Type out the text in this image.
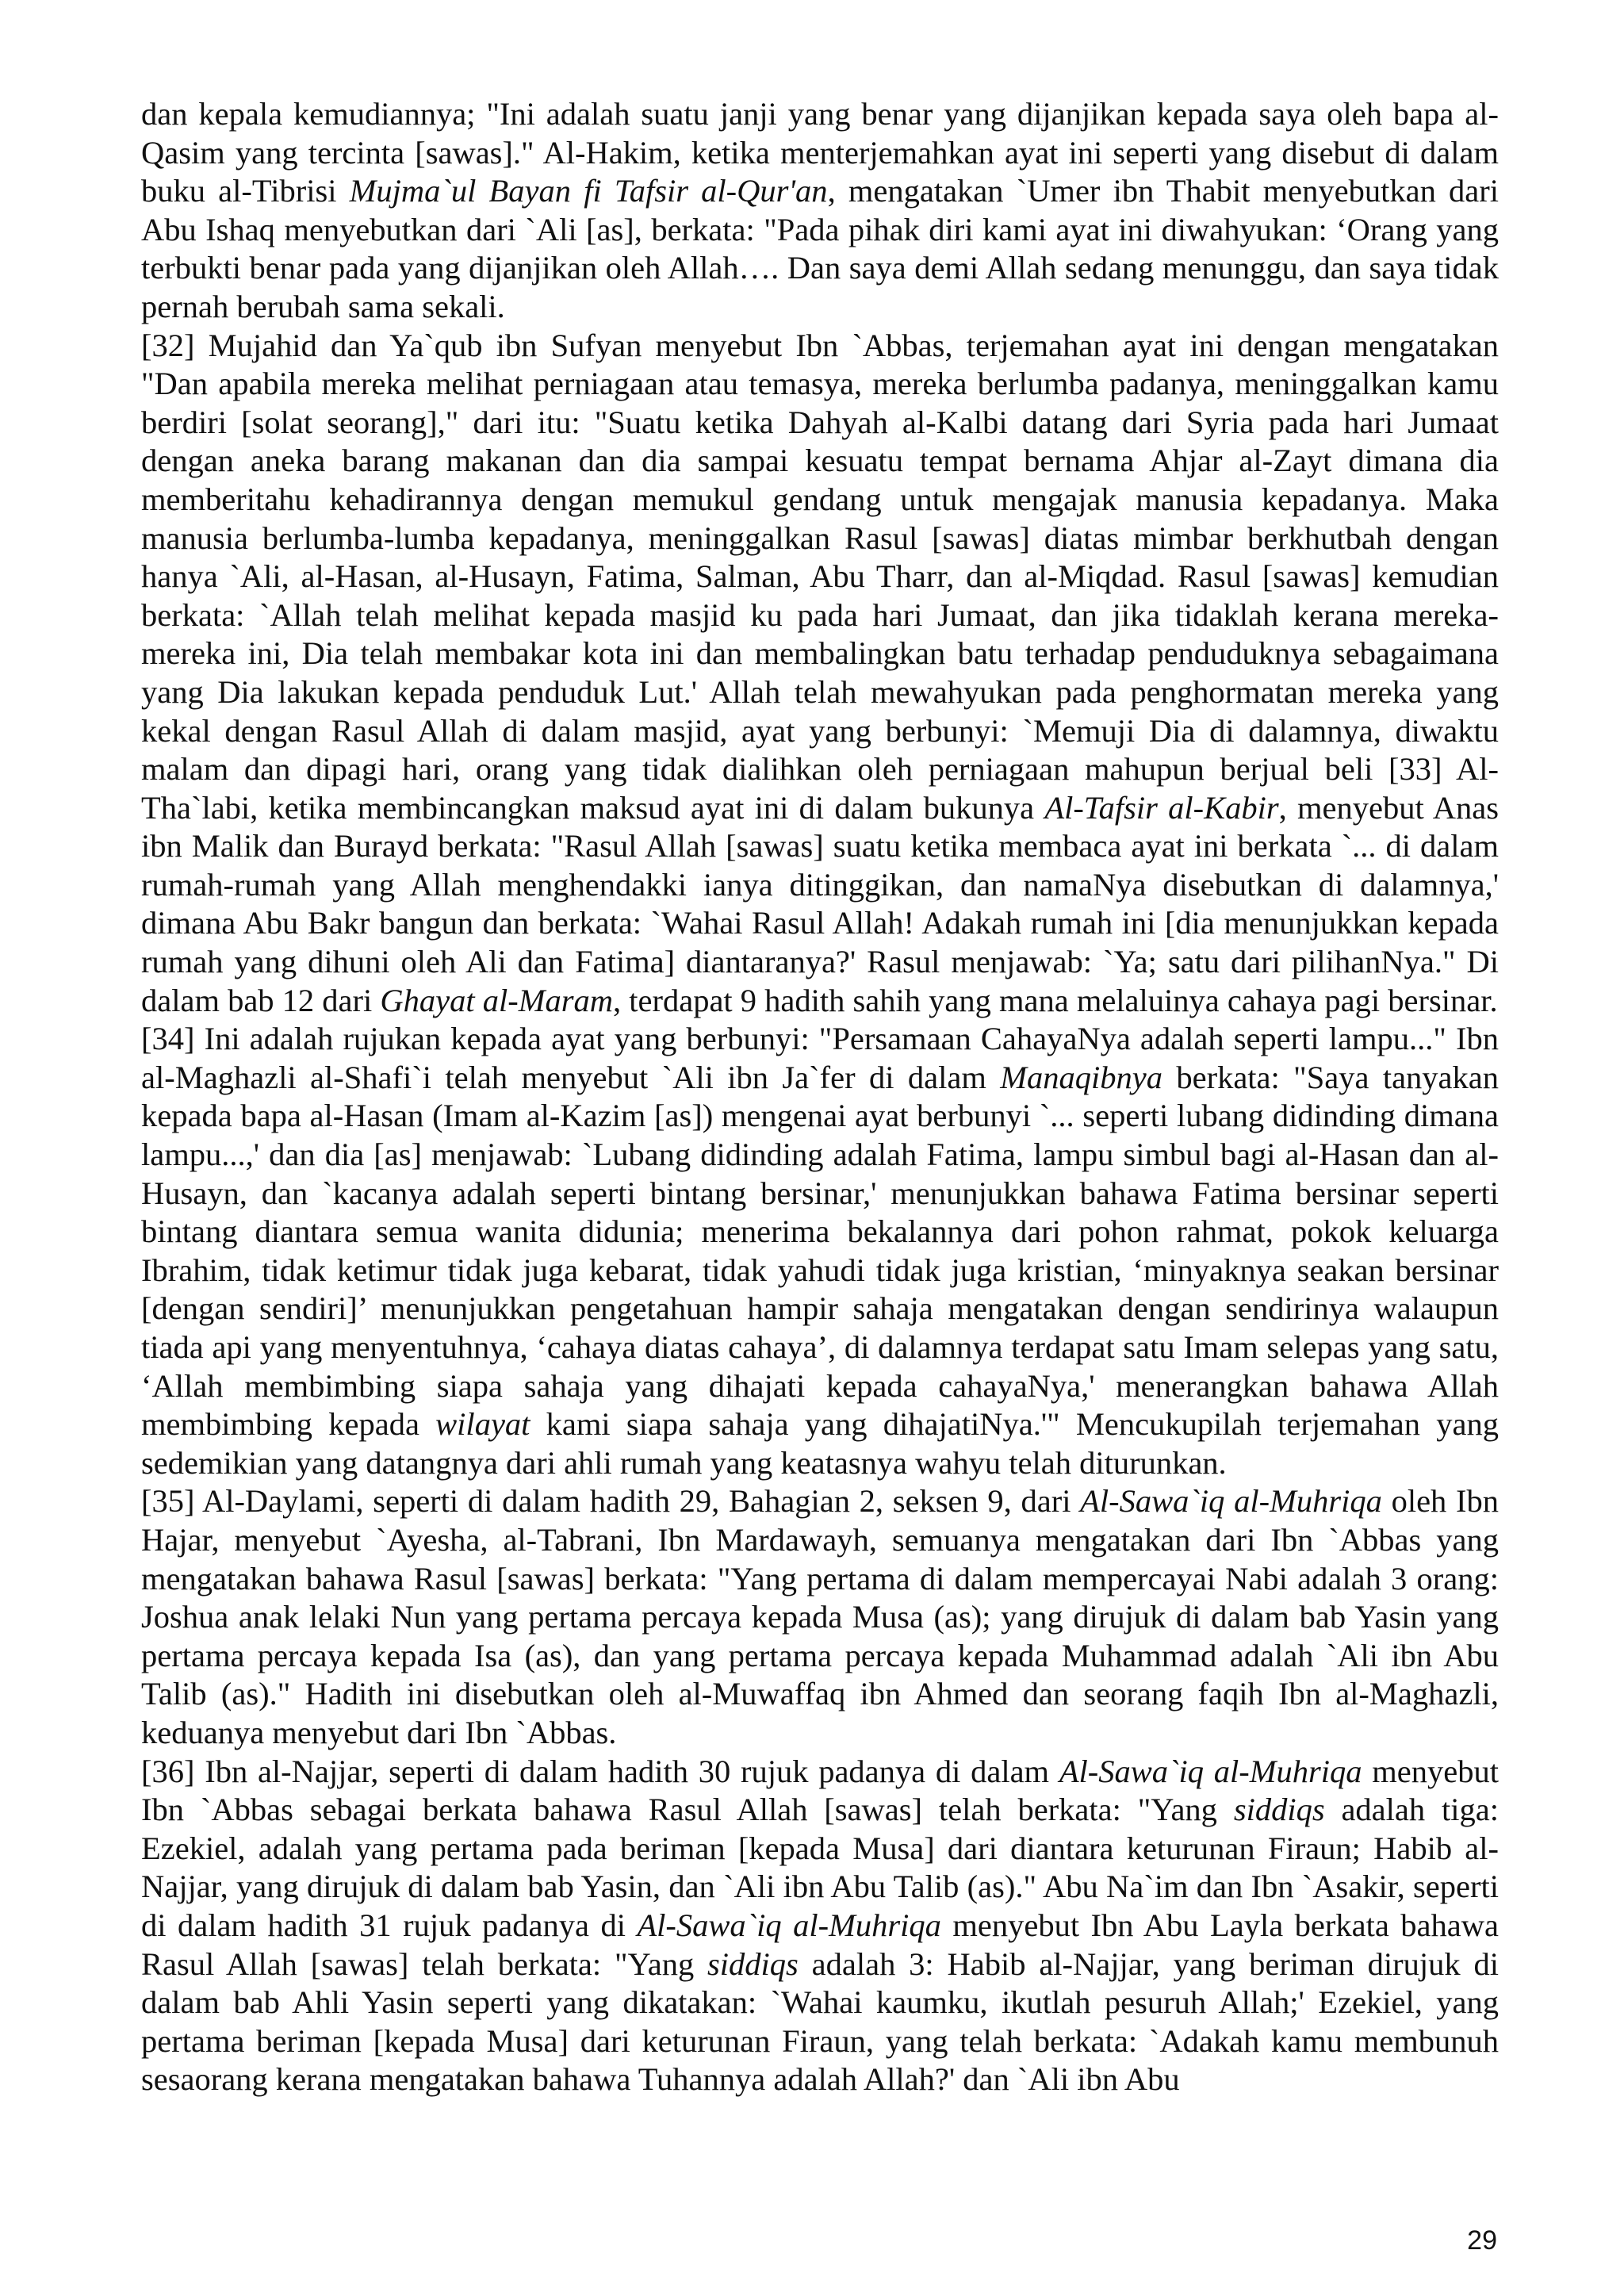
dan kepala kemudiannya; "Ini adalah suatu janji yang benar yang dijanjikan kepada saya oleh bapa al-Qasim yang tercinta [sawas]." Al-Hakim, ketika menterjemahkan ayat ini seperti yang disebut di dalam buku al-Tibrisi Mujma`ul Bayan fi Tafsir al-Qur'an, mengatakan `Umer ibn Thabit menyebutkan dari Abu Ishaq menyebutkan dari `Ali [as], berkata: "Pada pihak diri kami ayat ini diwahyukan: ‘Orang yang terbukti benar pada yang dijanjikan oleh Allah…. Dan saya demi Allah sedang menunggu, dan saya tidak pernah berubah sama sekali.

[32] Mujahid dan Ya`qub ibn Sufyan menyebut Ibn `Abbas, terjemahan ayat ini dengan mengatakan "Dan apabila mereka melihat perniagaan atau temasya, mereka berlumba padanya, meninggalkan kamu berdiri [solat seorang]," dari itu: "Suatu ketika Dahyah al-Kalbi datang dari Syria pada hari Jumaat dengan aneka barang makanan dan dia sampai kesuatu tempat bernama Ahjar al-Zayt dimana dia memberitahu kehadirannya dengan memukul gendang untuk mengajak manusia kepadanya. Maka manusia berlumba-lumba kepadanya, meninggalkan Rasul [sawas] diatas mimbar berkhutbah dengan hanya `Ali, al-Hasan, al-Husayn, Fatima, Salman, Abu Tharr, dan al-Miqdad. Rasul [sawas] kemudian berkata: `Allah telah melihat kepada masjid ku pada hari Jumaat, dan jika tidaklah kerana mereka-mereka ini, Dia telah membakar kota ini dan membalingkan batu terhadap penduduknya sebagaimana yang Dia lakukan kepada penduduk Lut.' Allah telah mewahyukan pada penghormatan mereka yang kekal dengan Rasul Allah di dalam masjid, ayat yang berbunyi: `Memuji Dia di dalamnya, diwaktu malam dan dipagi hari, orang yang tidak dialihkan oleh perniagaan mahupun berjual beli [33] Al-Tha`labi, ketika membincangkan maksud ayat ini di dalam bukunya Al-Tafsir al-Kabir, menyebut Anas ibn Malik dan Burayd berkata: "Rasul Allah [sawas] suatu ketika membaca ayat ini berkata `... di dalam rumah-rumah yang Allah menghendakki ianya ditinggikan, dan namaNya disebutkan di dalamnya,' dimana Abu Bakr bangun dan berkata: `Wahai Rasul Allah! Adakah rumah ini [dia menunjukkan kepada rumah yang dihuni oleh Ali dan Fatima] diantaranya?' Rasul menjawab: `Ya; satu dari pilihanNya." Di dalam bab 12 dari Ghayat al-Maram, terdapat 9 hadith sahih yang mana melaluinya cahaya pagi bersinar.

[34] Ini adalah rujukan kepada ayat yang berbunyi: "Persamaan CahayaNya adalah seperti lampu..." Ibn al-Maghazli al-Shafi`i telah menyebut `Ali ibn Ja`fer di dalam Manaqibnya berkata: "Saya tanyakan kepada bapa al-Hasan (Imam al-Kazim [as]) mengenai ayat berbunyi `... seperti lubang didinding dimana lampu...,' dan dia [as] menjawab: `Lubang didinding adalah Fatima, lampu simbul bagi al-Hasan dan al-Husayn, dan `kacanya adalah seperti bintang bersinar,' menunjukkan bahawa Fatima bersinar seperti bintang diantara semua wanita didunia; menerima bekalannya dari pohon rahmat, pokok keluarga Ibrahim, tidak ketimur tidak juga kebarat, tidak yahudi tidak juga kristian, ‘minyaknya seakan bersinar [dengan sendiri]’ menunjukkan pengetahuan hampir sahaja mengatakan dengan sendirinya walaupun tiada api yang menyentuhnya, ‘cahaya diatas cahaya’, di dalamnya terdapat satu Imam selepas yang satu, ‘Allah membimbing siapa sahaja yang dihajati kepada cahayaNya,' menerangkan bahawa Allah membimbing kepada wilayat kami siapa sahaja yang dihajatiNya.'" Mencukupilah terjemahan yang sedemikian yang datangnya dari ahli rumah yang keatasnya wahyu telah diturunkan.

[35] Al-Daylami, seperti di dalam hadith 29, Bahagian 2, seksen 9, dari Al-Sawa`iq al-Muhriqa oleh Ibn Hajar, menyebut `Ayesha, al-Tabrani, Ibn Mardawayh, semuanya mengatakan dari Ibn `Abbas yang mengatakan bahawa Rasul [sawas] berkata: "Yang pertama di dalam mempercayai Nabi adalah 3 orang: Joshua anak lelaki Nun yang pertama percaya kepada Musa (as); yang dirujuk di dalam bab Yasin yang pertama percaya kepada Isa (as), dan yang pertama percaya kepada Muhammad adalah `Ali ibn Abu Talib (as)." Hadith ini disebutkan oleh al-Muwaffaq ibn Ahmed dan seorang faqih Ibn al-Maghazli, keduanya menyebut dari Ibn `Abbas.

[36] Ibn al-Najjar, seperti di dalam hadith 30 rujuk padanya di dalam Al-Sawa`iq al-Muhriqa menyebut Ibn `Abbas sebagai berkata bahawa Rasul Allah [sawas] telah berkata: "Yang siddiqs adalah tiga: Ezekiel, adalah yang pertama pada beriman [kepada Musa] dari diantara keturunan Firaun; Habib al-Najjar, yang dirujuk di dalam bab Yasin, dan `Ali ibn Abu Talib (as)." Abu Na`im dan Ibn `Asakir, seperti di dalam hadith 31 rujuk padanya di Al-Sawa`iq al-Muhriqa menyebut Ibn Abu Layla berkata bahawa Rasul Allah [sawas] telah berkata: "Yang siddiqs adalah 3: Habib al-Najjar, yang beriman dirujuk di dalam bab Ahli Yasin seperti yang dikatakan: `Wahai kaumku, ikutlah pesuruh Allah;' Ezekiel, yang pertama beriman [kepada Musa] dari keturunan Firaun, yang telah berkata: `Adakah kamu membunuh sesaorang kerana mengatakan bahawa Tuhannya adalah Allah?' dan `Ali ibn Abu

29
